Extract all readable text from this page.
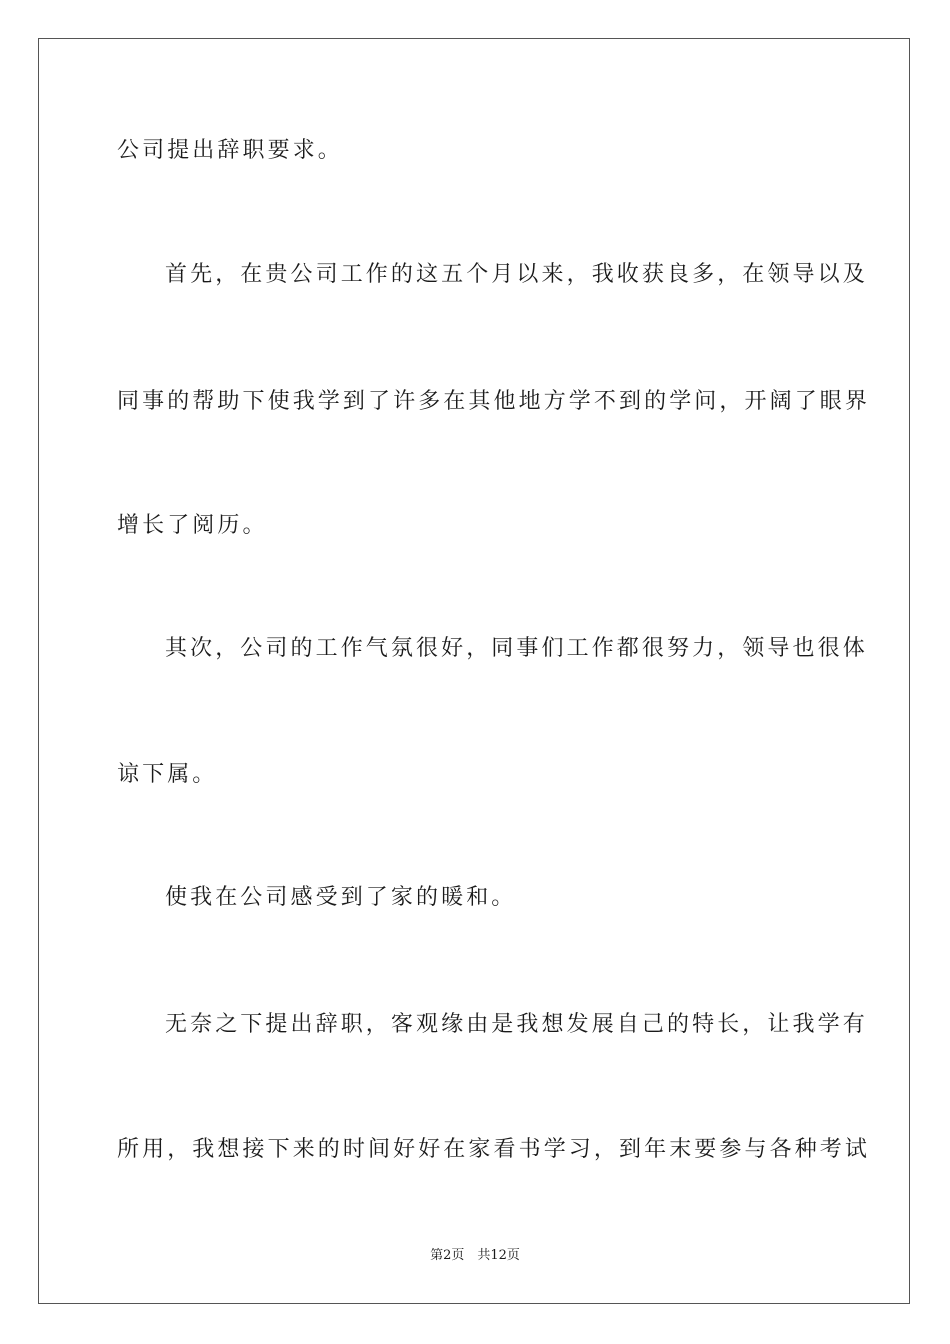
公司提出辞职要求。
首先，在贵公司工作的这五个月以来，我收获良多，在领导以及
同事的帮助下使我学到了许多在其他地方学不到的学问，开阔了眼界
增长了阅历。
其次，公司的工作气氛很好，同事们工作都很努力，领导也很体
谅下属。
使我在公司感受到了家的暖和。
无奈之下提出辞职，客观缘由是我想发展自己的特长，让我学有
所用，我想接下来的时间好好在家看书学习，到年末要参与各种考试
第2页　共12页
